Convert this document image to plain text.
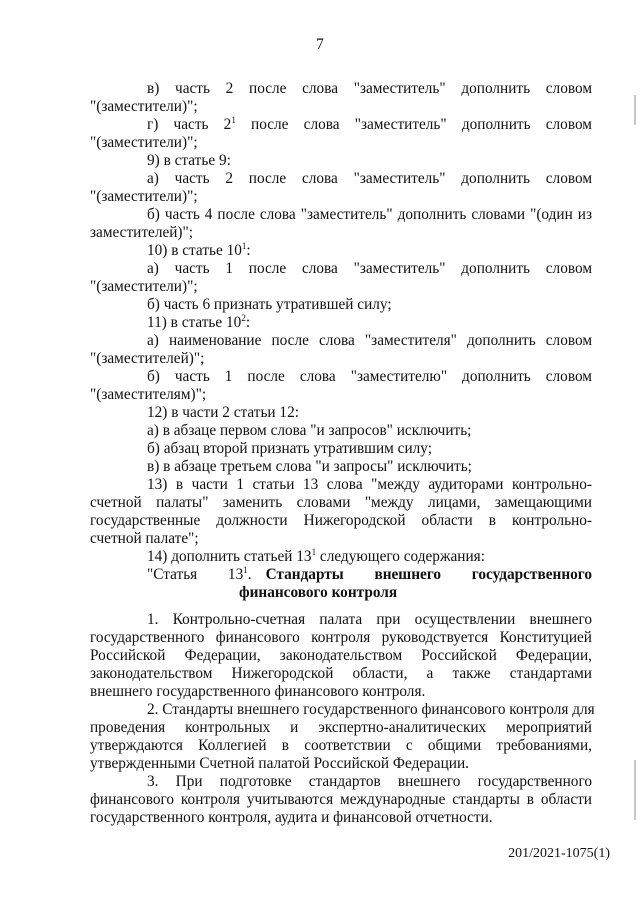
7
в) часть 2 после слова "заместитель" дополнить словом
"(заместители)";
г) часть $2^1$ после слова "заместитель" дополнить словом
"(заместители)";
9) в статье 9:
а) часть 2 после слова "заместитель" дополнить словом
"(заместители)";
б) часть 4 после слова "заместитель" дополнить словами "(один из
заместителей)";
10) в статье $10^1$:
а) часть 1 после слова "заместитель" дополнить словом
"(заместители)";
б) часть 6 признать утратившей силу;
11) в статье $10^2$:
а) наименование после слова "заместителя" дополнить словом
"(заместителей)";
б) часть 1 после слова "заместителю" дополнить словом
"(заместителям)";
12) в части 2 статьи 12:
а) в абзаце первом слова "и запросов" исключить;
б) абзац второй признать утратившим силу;
в) в абзаце третьем слова "и запросы" исключить;
13) в части 1 статьи 13 слова "между аудиторами контрольно-
счетной палаты" заменить словами "между лицами, замещающими
государственные должности Нижегородской области в контрольно-
счетной палате";
14) дополнить статьей $13^1$ следующего содержания:
"Статья $13^1$. Стандарты внешнего государственного
финансового контроля
1. Контрольно-счетная палата при осуществлении внешнего
государственного финансового контроля руководствуется Конституцией
Российской Федерации, законодательством Российской Федерации,
законодательством Нижегородской области, а также стандартами
внешнего государственного финансового контроля.
2. Стандарты внешнего государственного финансового контроля для
проведения контрольных и экспертно-аналитических мероприятий
утверждаются Коллегией в соответствии с общими требованиями,
утвержденными Счетной палатой Российской Федерации.
3. При подготовке стандартов внешнего государственного
финансового контроля учитываются международные стандарты в области
государственного контроля, аудита и финансовой отчетности.
201/2021-1075(1)
